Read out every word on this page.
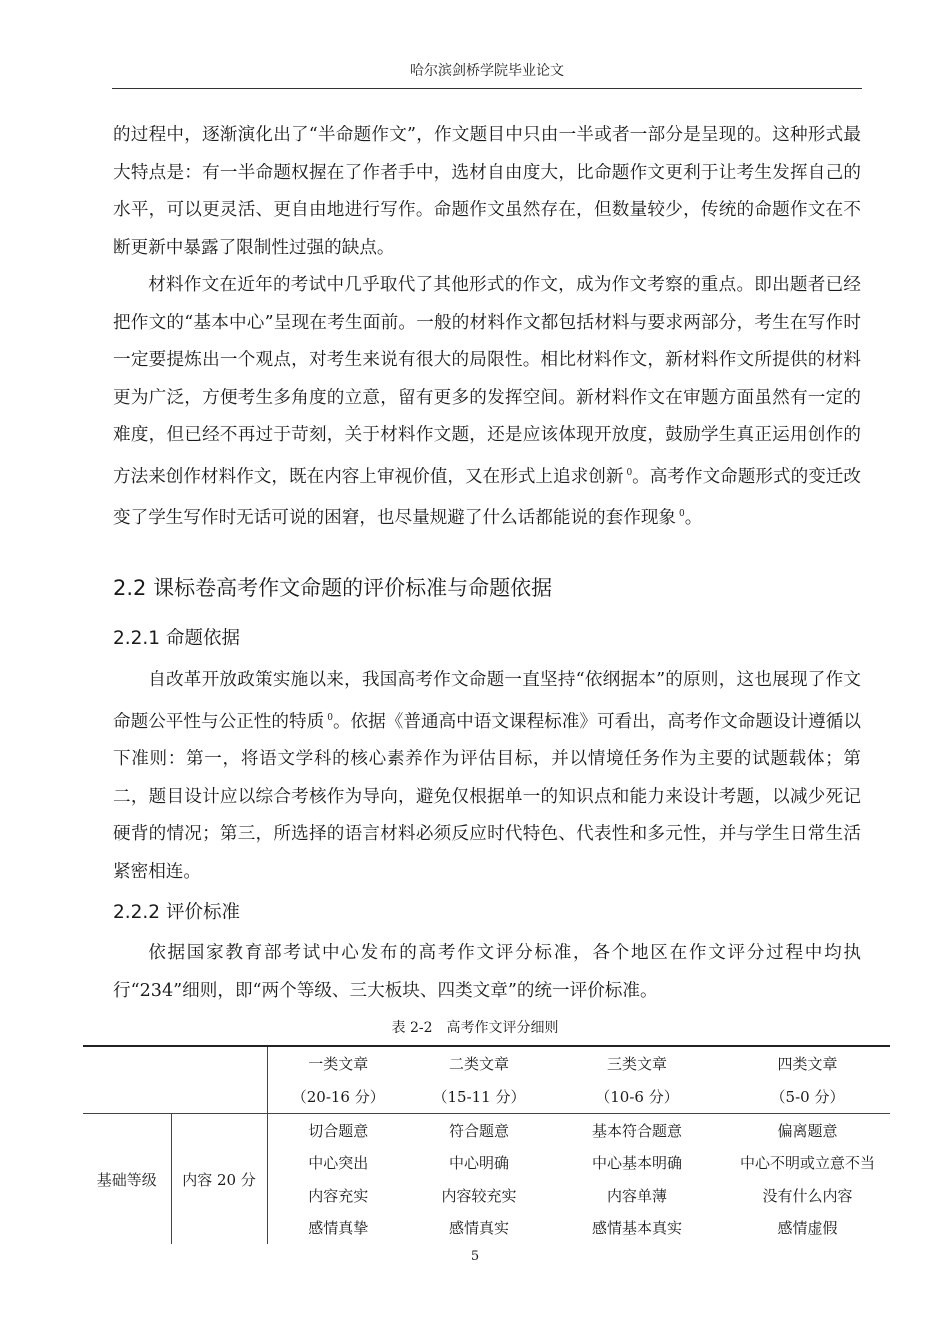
哈尔滨剑桥学院毕业论文

的过程中，逐渐演化出了“半命题作文”，作文题目中只由一半或者一部分是呈现的。这种形式最大特点是：有一半命题权握在了作者手中，选材自由度大，比命题作文更利于让考生发挥自己的水平，可以更灵活、更自由地进行写作。命题作文虽然存在，但数量较少，传统的命题作文在不断更新中暴露了限制性过强的缺点。

材料作文在近年的考试中几乎取代了其他形式的作文，成为作文考察的重点。即出题者已经把作文的“基本中心”呈现在考生面前。一般的材料作文都包括材料与要求两部分，考生在写作时一定要提炼出一个观点，对考生来说有很大的局限性。相比材料作文，新材料作文所提供的材料更为广泛，方便考生多角度的立意，留有更多的发挥空间。新材料作文在审题方面虽然有一定的难度，但已经不再过于苛刻，关于材料作文题，还是应该体现开放度，鼓励学生真正运用创作的方法来创作材料作文，既在内容上审视价值，又在形式上追求创新 $^0$。高考作文命题形式的变迁改变了学生写作时无话可说的困窘，也尽量规避了什么话都能说的套作现象 $^0$。

2.2 课标卷高考作文命题的评价标准与命题依据
2.2.1 命题依据

自改革开放政策实施以来，我国高考作文命题一直坚持“依纲据本”的原则，这也展现了作文命题公平性与公正性的特质 $^0$。依据《普通高中语文课程标准》可看出，高考作文命题设计遵循以下准则：第一，将语文学科的核心素养作为评估目标，并以情境任务作为主要的试题载体；第二，题目设计应以综合考核作为导向，避免仅根据单一的知识点和能力来设计考题，以减少死记硬背的情况；第三，所选择的语言材料必须反应时代特色、代表性和多元性，并与学生日常生活紧密相连。

2.2.2 评价标准

依据国家教育部考试中心发布的高考作文评分标准，各个地区在作文评分过程中均执行“234”细则，即“两个等级、三大板块、四类文章”的统一评价标准。

表 2-2　高考作文评分细则
		一类文章	二类文章	三类文章	四类文章
		（20-16 分）	（15-11 分）	（10-6 分）	（5-0 分）
基础等级	内容 20 分	切合题意	符合题意	基本符合题意	偏离题意
		中心突出	中心明确	中心基本明确	中心不明或立意不当
		内容充实	内容较充实	内容单薄	没有什么内容
		感情真挚	感情真实	感情基本真实	感情虚假
5
